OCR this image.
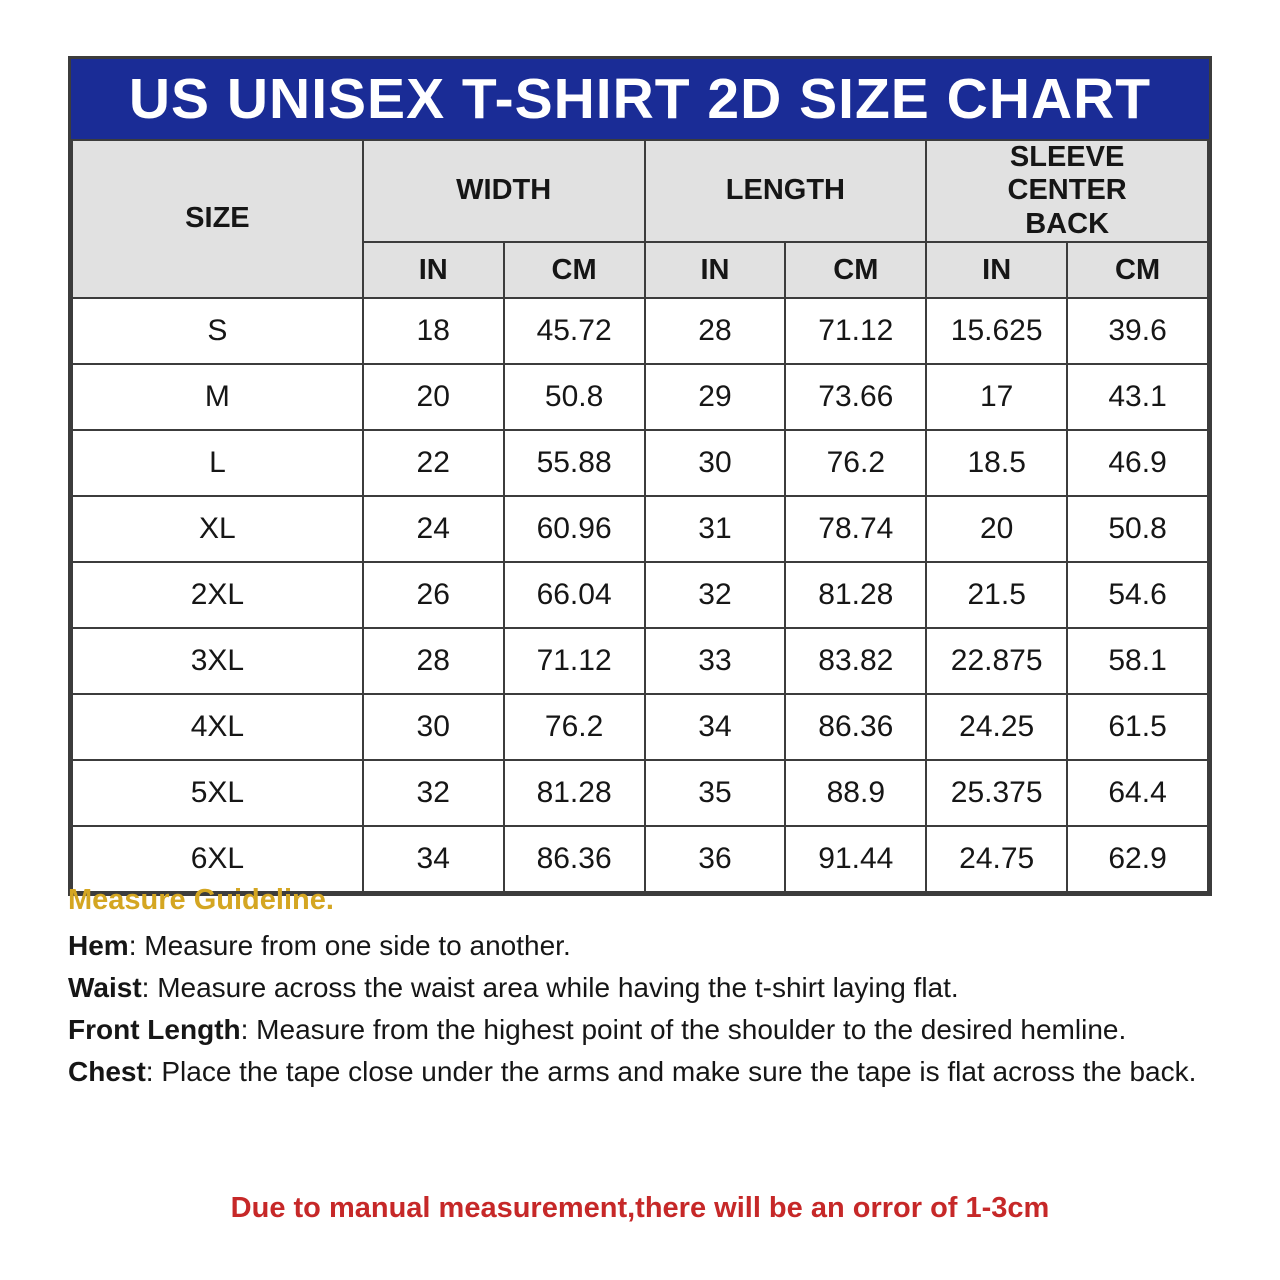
US UNISEX T-SHIRT 2D SIZE CHART
SIZE	WIDTH		LENGTH		SLEEVE CENTER BACK	
	IN	CM	IN	CM	IN	CM
S	18	45.72	28	71.12	15.625	39.6
M	20	50.8	29	73.66	17	43.1
L	22	55.88	30	76.2	18.5	46.9
XL	24	60.96	31	78.74	20	50.8
2XL	26	66.04	32	81.28	21.5	54.6
3XL	28	71.12	33	83.82	22.875	58.1
4XL	30	76.2	34	86.36	24.25	61.5
5XL	32	81.28	35	88.9	25.375	64.4
6XL	34	86.36	36	91.44	24.75	62.9
Measure Guideline.
Hem: Measure from one side to another.
Waist: Measure across the waist area while having the t-shirt laying flat.
Front Length: Measure from the highest point of the shoulder to the desired hemline.
Chest: Place the tape close under the arms and make sure the tape is flat across the back.
Due to manual measurement,there will be an orror of 1-3cm
